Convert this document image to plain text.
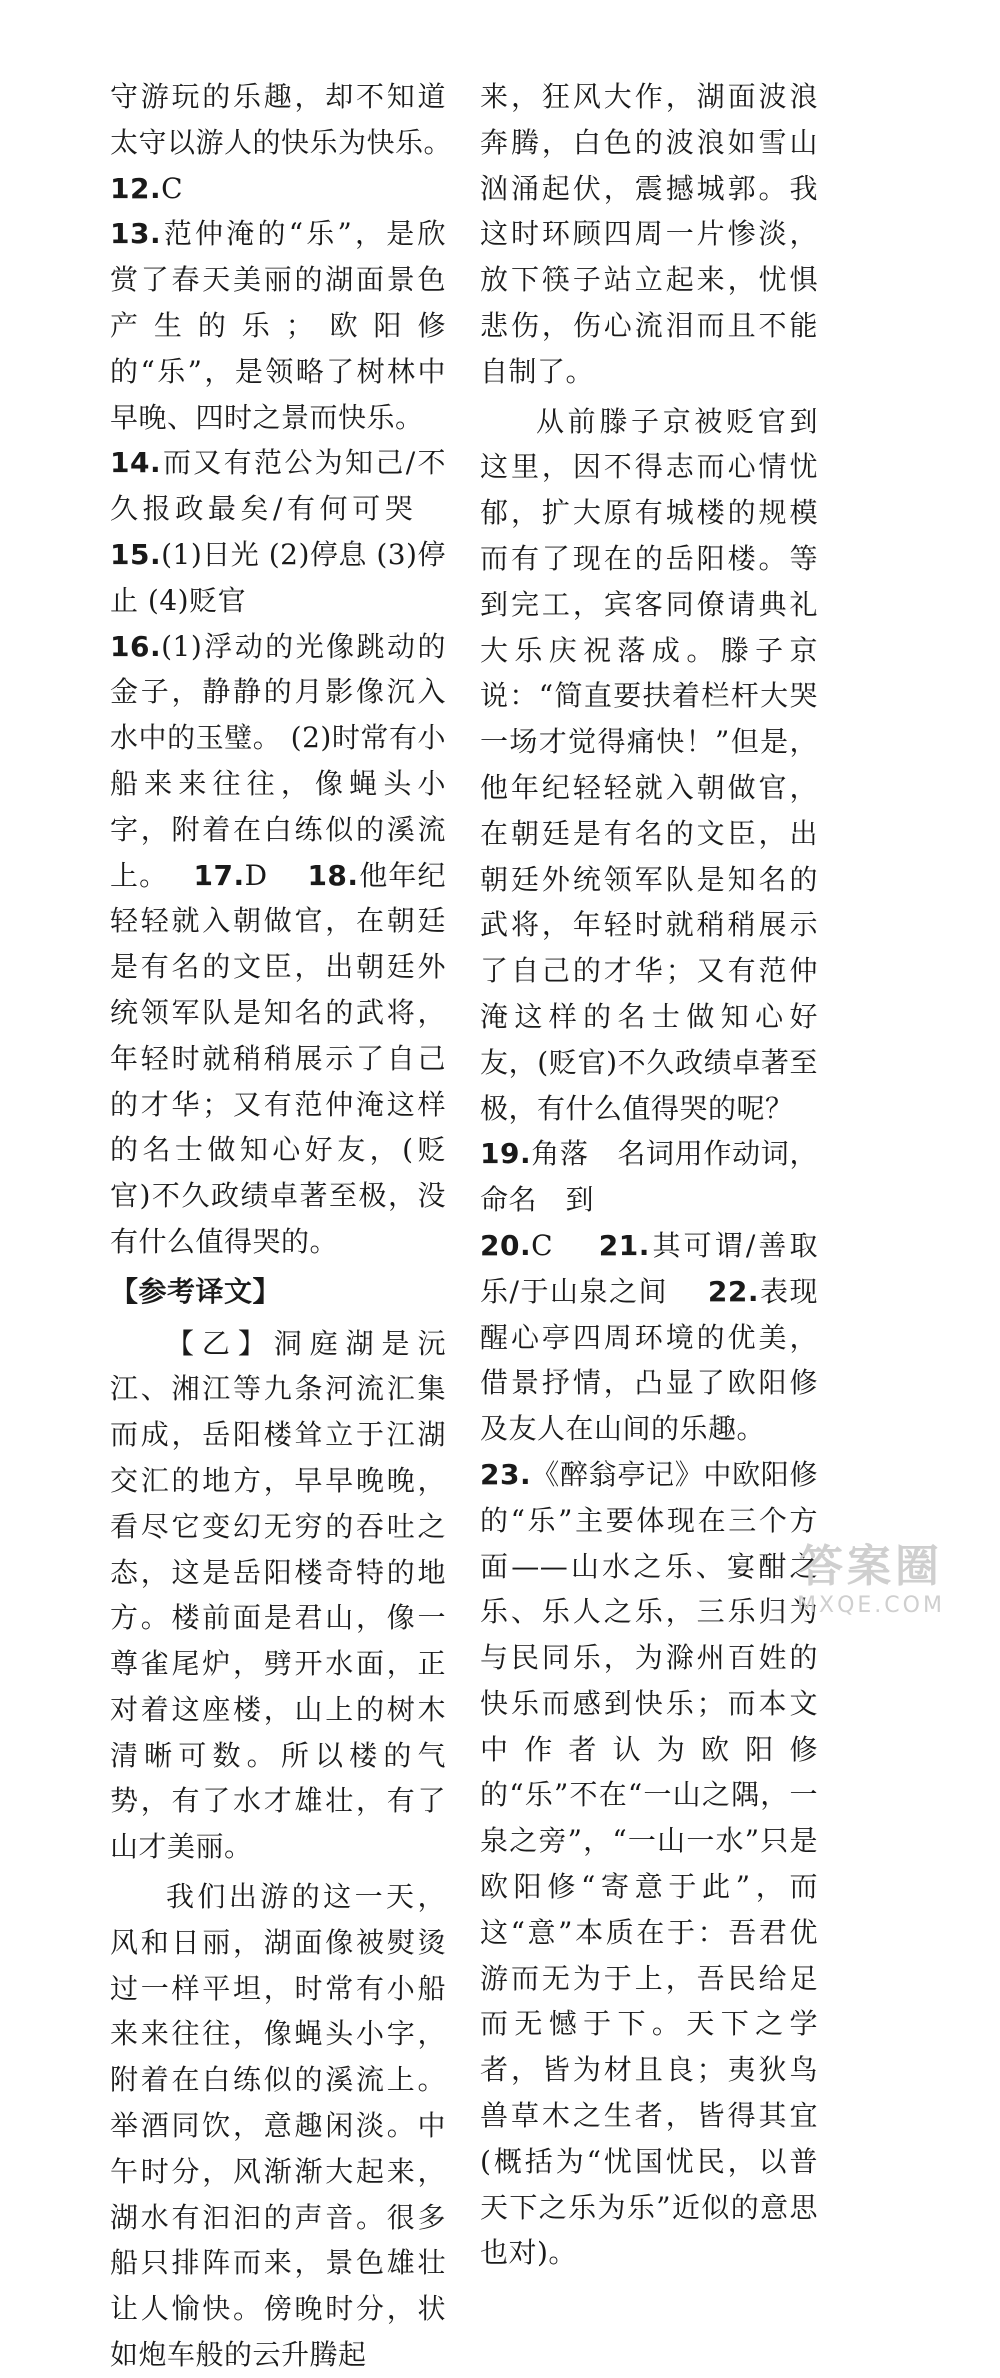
守游玩的乐趣，却不知道太守以游人的快乐为快乐。　 12.C

13.范仲淹的“乐”，是欣赏了春天美丽的湖面景色产生的乐；欧阳修的“乐”，是领略了树林中早晚、四时之景而快乐。

14.而又有范公为知己/不久报政最矣/有何可哭　 15.(1)日光 (2)停息 (3)停止 (4)贬官

16.(1)浮动的光像跳动的金子，静静的月影像沉入水中的玉璧。 (2)时常有小船来来往往，像蝇头小字，附着在白练似的溪流上。　 17.D　 18.他年纪轻轻就入朝做官，在朝廷是有名的文臣，出朝廷外统领军队是知名的武将，年轻时就稍稍展示了自己的才华；又有范仲淹这样的名士做知心好友，(贬官)不久政绩卓著至极，没有什么值得哭的。

【参考译文】

【乙】洞庭湖是沅江、湘江等九条河流汇集而成，岳阳楼耸立于江湖交汇的地方，早早晚晚，看尽它变幻无穷的吞吐之态，这是岳阳楼奇特的地方。楼前面是君山，像一尊雀尾炉，劈开水面，正对着这座楼，山上的树木清晰可数。所以楼的气势，有了水才雄壮，有了山才美丽。

我们出游的这一天，风和日丽，湖面像被熨烫过一样平坦，时常有小船来来往往，像蝇头小字，附着在白练似的溪流上。举酒同饮，意趣闲淡。中午时分，风渐渐大起来，湖水有汩汩的声音。很多船只排阵而来，景色雄壮让人愉快。傍晚时分，状如炮车般的云升腾起

来，狂风大作，湖面波浪奔腾，白色的波浪如雪山汹涌起伏，震撼城郭。我这时环顾四周一片惨淡，放下筷子站立起来，忧惧悲伤，伤心流泪而且不能自制了。

从前滕子京被贬官到这里，因不得志而心情忧郁，扩大原有城楼的规模而有了现在的岳阳楼。等到完工，宾客同僚请典礼大乐庆祝落成。滕子京说：“简直要扶着栏杆大哭一场才觉得痛快！”但是，他年纪轻轻就入朝做官，在朝廷是有名的文臣，出朝廷外统领军队是知名的武将，年轻时就稍稍展示了自己的才华；又有范仲淹这样的名士做知心好友，(贬官)不久政绩卓著至极，有什么值得哭的呢？

19.角落　名词用作动词，命名　到

20.C　 21.其可谓/善取乐/于山泉之间　 22.表现醒心亭四周环境的优美，借景抒情，凸显了欧阳修及友人在山间的乐趣。

23.《醉翁亭记》中欧阳修的“乐”主要体现在三个方面——山水之乐、宴酣之乐、乐人之乐，三乐归为与民同乐，为滁州百姓的快乐而感到快乐；而本文中作者认为欧阳修的“乐”不在“一山之隅，一泉之旁”，“一山一水”只是欧阳修“寄意于此”，而这“意”本质在于：吾君优游而无为于上，吾民给足而无憾于下。天下之学者，皆为材且良；夷狄鸟兽草木之生者，皆得其宜(概括为“忧国忧民，以普天下之乐为乐”近似的意思也对)。

答案圈
MXQE.COM
